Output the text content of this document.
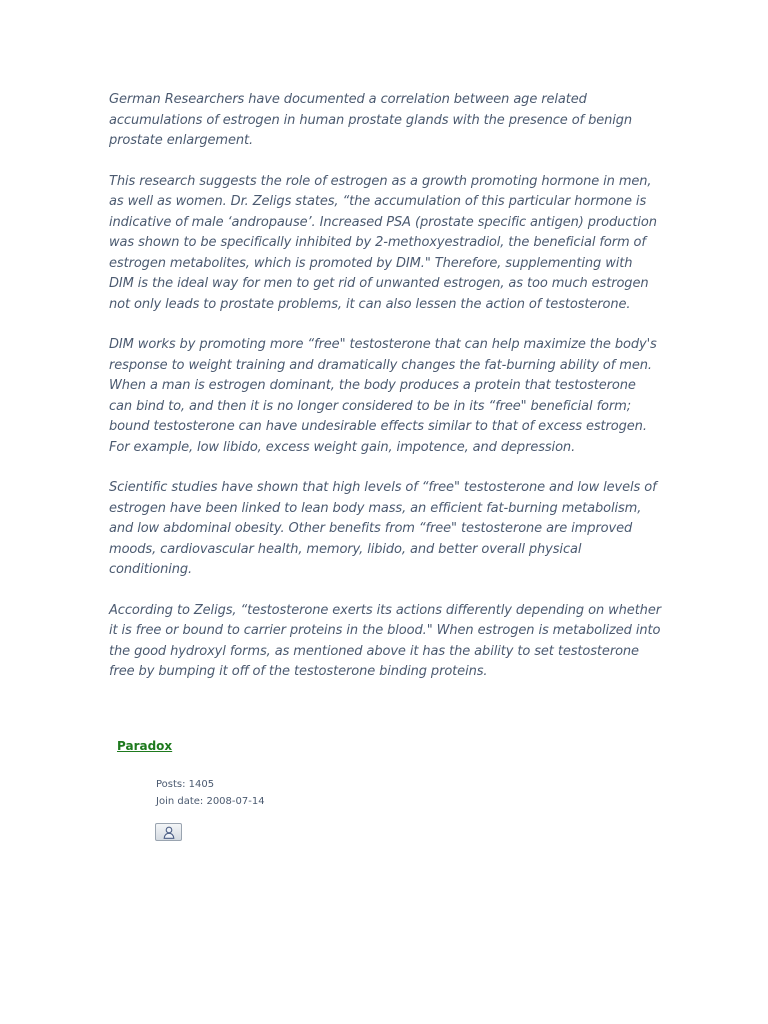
German Researchers have documented a correlation between age related accumulations of estrogen in human prostate glands with the presence of benign prostate enlargement.

This research suggests the role of estrogen as a growth promoting hormone in men, as well as women. Dr. Zeligs states, “the accumulation of this particular hormone is indicative of male ‘andropause’. Increased PSA (prostate specific antigen) production was shown to be specifically inhibited by 2-methoxyestradiol, the beneficial form of estrogen metabolites, which is promoted by DIM." Therefore, supplementing with DIM is the ideal way for men to get rid of unwanted estrogen, as too much estrogen not only leads to prostate problems, it can also lessen the action of testosterone.

DIM works by promoting more “free" testosterone that can help maximize the body's response to weight training and dramatically changes the fat-burning ability of men. When a man is estrogen dominant, the body produces a protein that testosterone can bind to, and then it is no longer considered to be in its “free" beneficial form; bound testosterone can have undesirable effects similar to that of excess estrogen. For example, low libido, excess weight gain, impotence, and depression.

Scientific studies have shown that high levels of “free" testosterone and low levels of estrogen have been linked to lean body mass, an efficient fat-burning metabolism, and low abdominal obesity. Other benefits from “free" testosterone are improved moods, cardiovascular health, memory, libido, and better overall physical conditioning.

According to Zeligs, “testosterone exerts its actions differently depending on whether it is free or bound to carrier proteins in the blood." When estrogen is metabolized into the good hydroxyl forms, as mentioned above it has the ability to set testosterone free by bumping it off of the testosterone binding proteins.

Paradox
Posts: 1405
Join date: 2008-07-14
